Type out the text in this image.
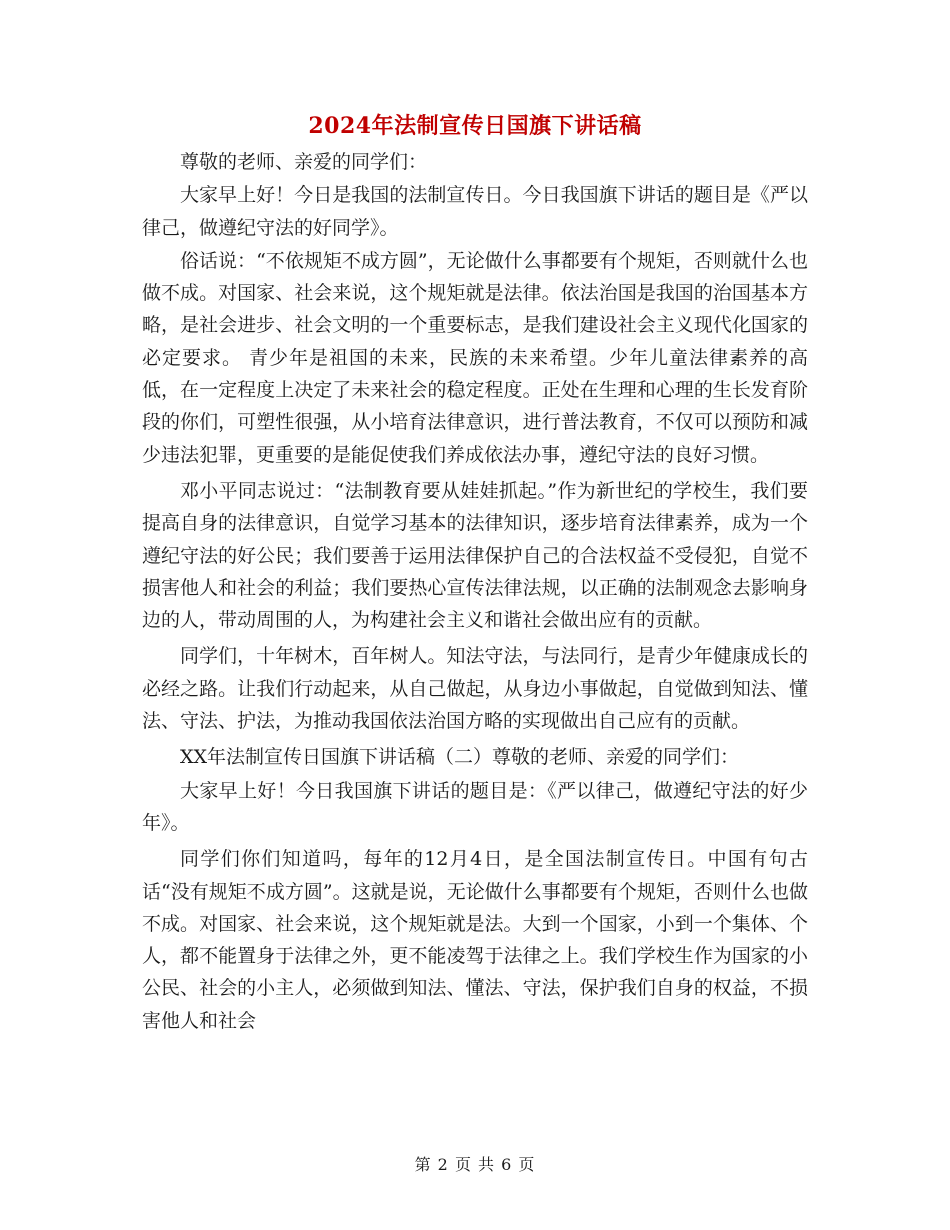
2024年法制宣传日国旗下讲话稿

尊敬的老师、亲爱的同学们：

大家早上好！今日是我国的法制宣传日。今日我国旗下讲话的题目是《严以律己，做遵纪守法的好同学》。

俗话说：“不依规矩不成方圆”，无论做什么事都要有个规矩，否则就什么也做不成。对国家、社会来说，这个规矩就是法律。依法治国是我国的治国基本方略，是社会进步、社会文明的一个重要标志，是我们建设社会主义现代化国家的必定要求。 青少年是祖国的未来，民族的未来希望。少年儿童法律素养的高低，在一定程度上决定了未来社会的稳定程度。正处在生理和心理的生长发育阶段的你们，可塑性很强，从小培育法律意识，进行普法教育，不仅可以预防和减少违法犯罪，更重要的是能促使我们养成依法办事，遵纪守法的良好习惯。

邓小平同志说过：“法制教育要从娃娃抓起。”作为新世纪的学校生，我们要提高自身的法律意识，自觉学习基本的法律知识，逐步培育法律素养，成为一个遵纪守法的好公民；我们要善于运用法律保护自己的合法权益不受侵犯，自觉不损害他人和社会的利益；我们要热心宣传法律法规，以正确的法制观念去影响身边的人，带动周围的人，为构建社会主义和谐社会做出应有的贡献。

同学们，十年树木，百年树人。知法守法，与法同行，是青少年健康成长的必经之路。让我们行动起来，从自己做起，从身边小事做起，自觉做到知法、懂法、守法、护法，为推动我国依法治国方略的实现做出自己应有的贡献。

XX年法制宣传日国旗下讲话稿（二）尊敬的老师、亲爱的同学们：

大家早上好！今日我国旗下讲话的题目是：《严以律己，做遵纪守法的好少年》。

同学们你们知道吗，每年的12月4日，是全国法制宣传日。中国有句古话“没有规矩不成方圆”。这就是说，无论做什么事都要有个规矩，否则什么也做不成。对国家、社会来说，这个规矩就是法。大到一个国家，小到一个集体、个人，都不能置身于法律之外，更不能凌驾于法律之上。我们学校生作为国家的小公民、社会的小主人，必须做到知法、懂法、守法，保护我们自身的权益，不损害他人和社会

第 2 页 共 6 页
